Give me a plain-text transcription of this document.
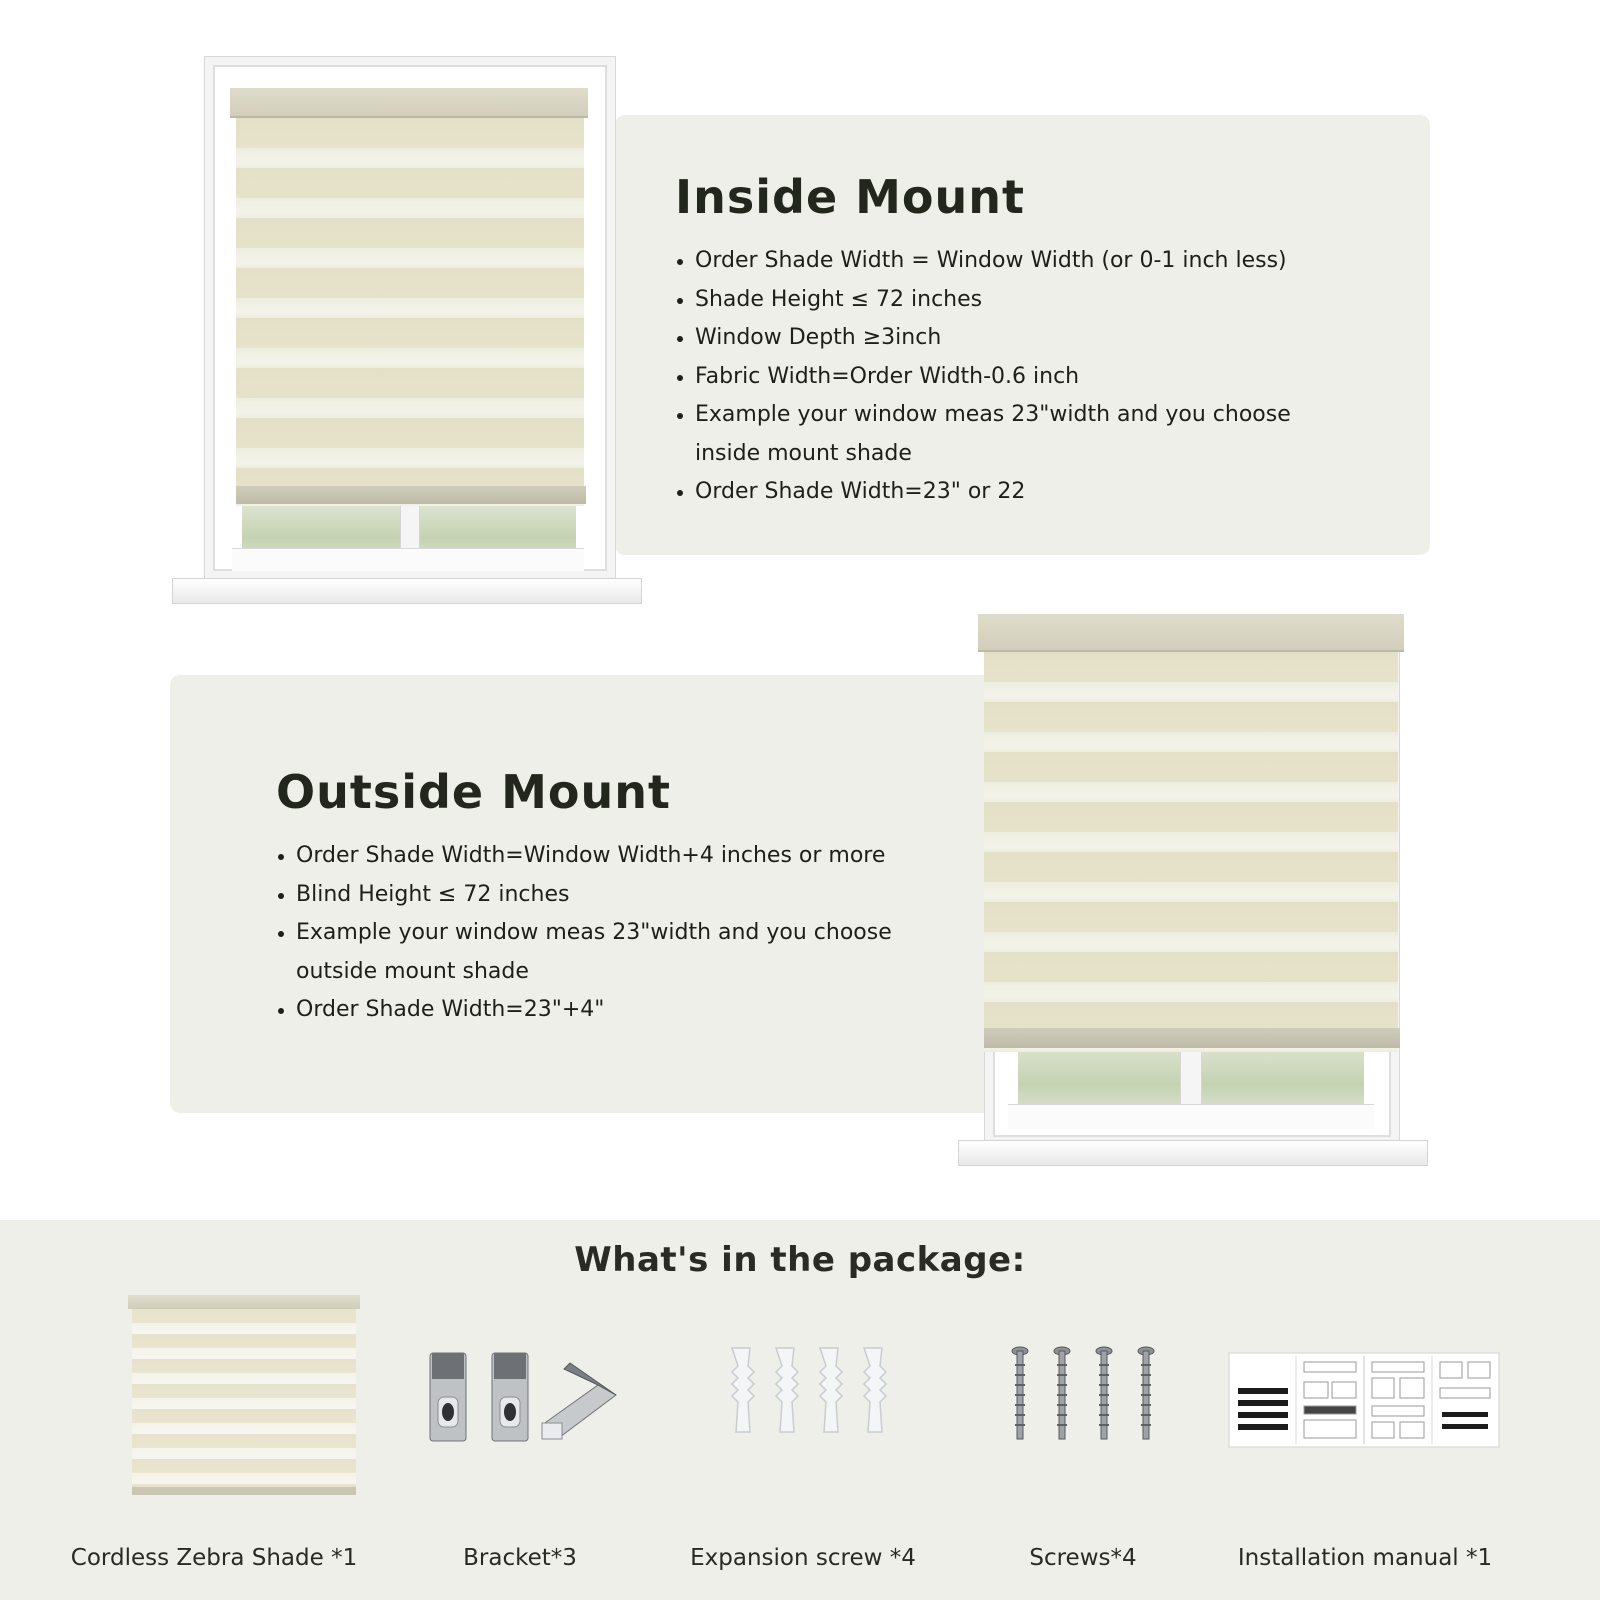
Inside Mount
Order Shade Width = Window Width (or 0-1 inch less)
Shade Height ≤ 72 inches
Window Depth ≥3inch
Fabric Width=Order Width-0.6 inch
Example your window meas 23"width and you choose
inside mount shade
Order Shade Width=23" or 22
Outside Mount
Order Shade Width=Window Width+4 inches or more
Blind Height ≤ 72 inches
Example your window meas 23"width and you choose
outside mount shade
Order Shade Width=23"+4"
What's in the package:
Cordless Zebra Shade *1	Bracket*3	Expansion screw *4	Screws*4	Installation manual *1
